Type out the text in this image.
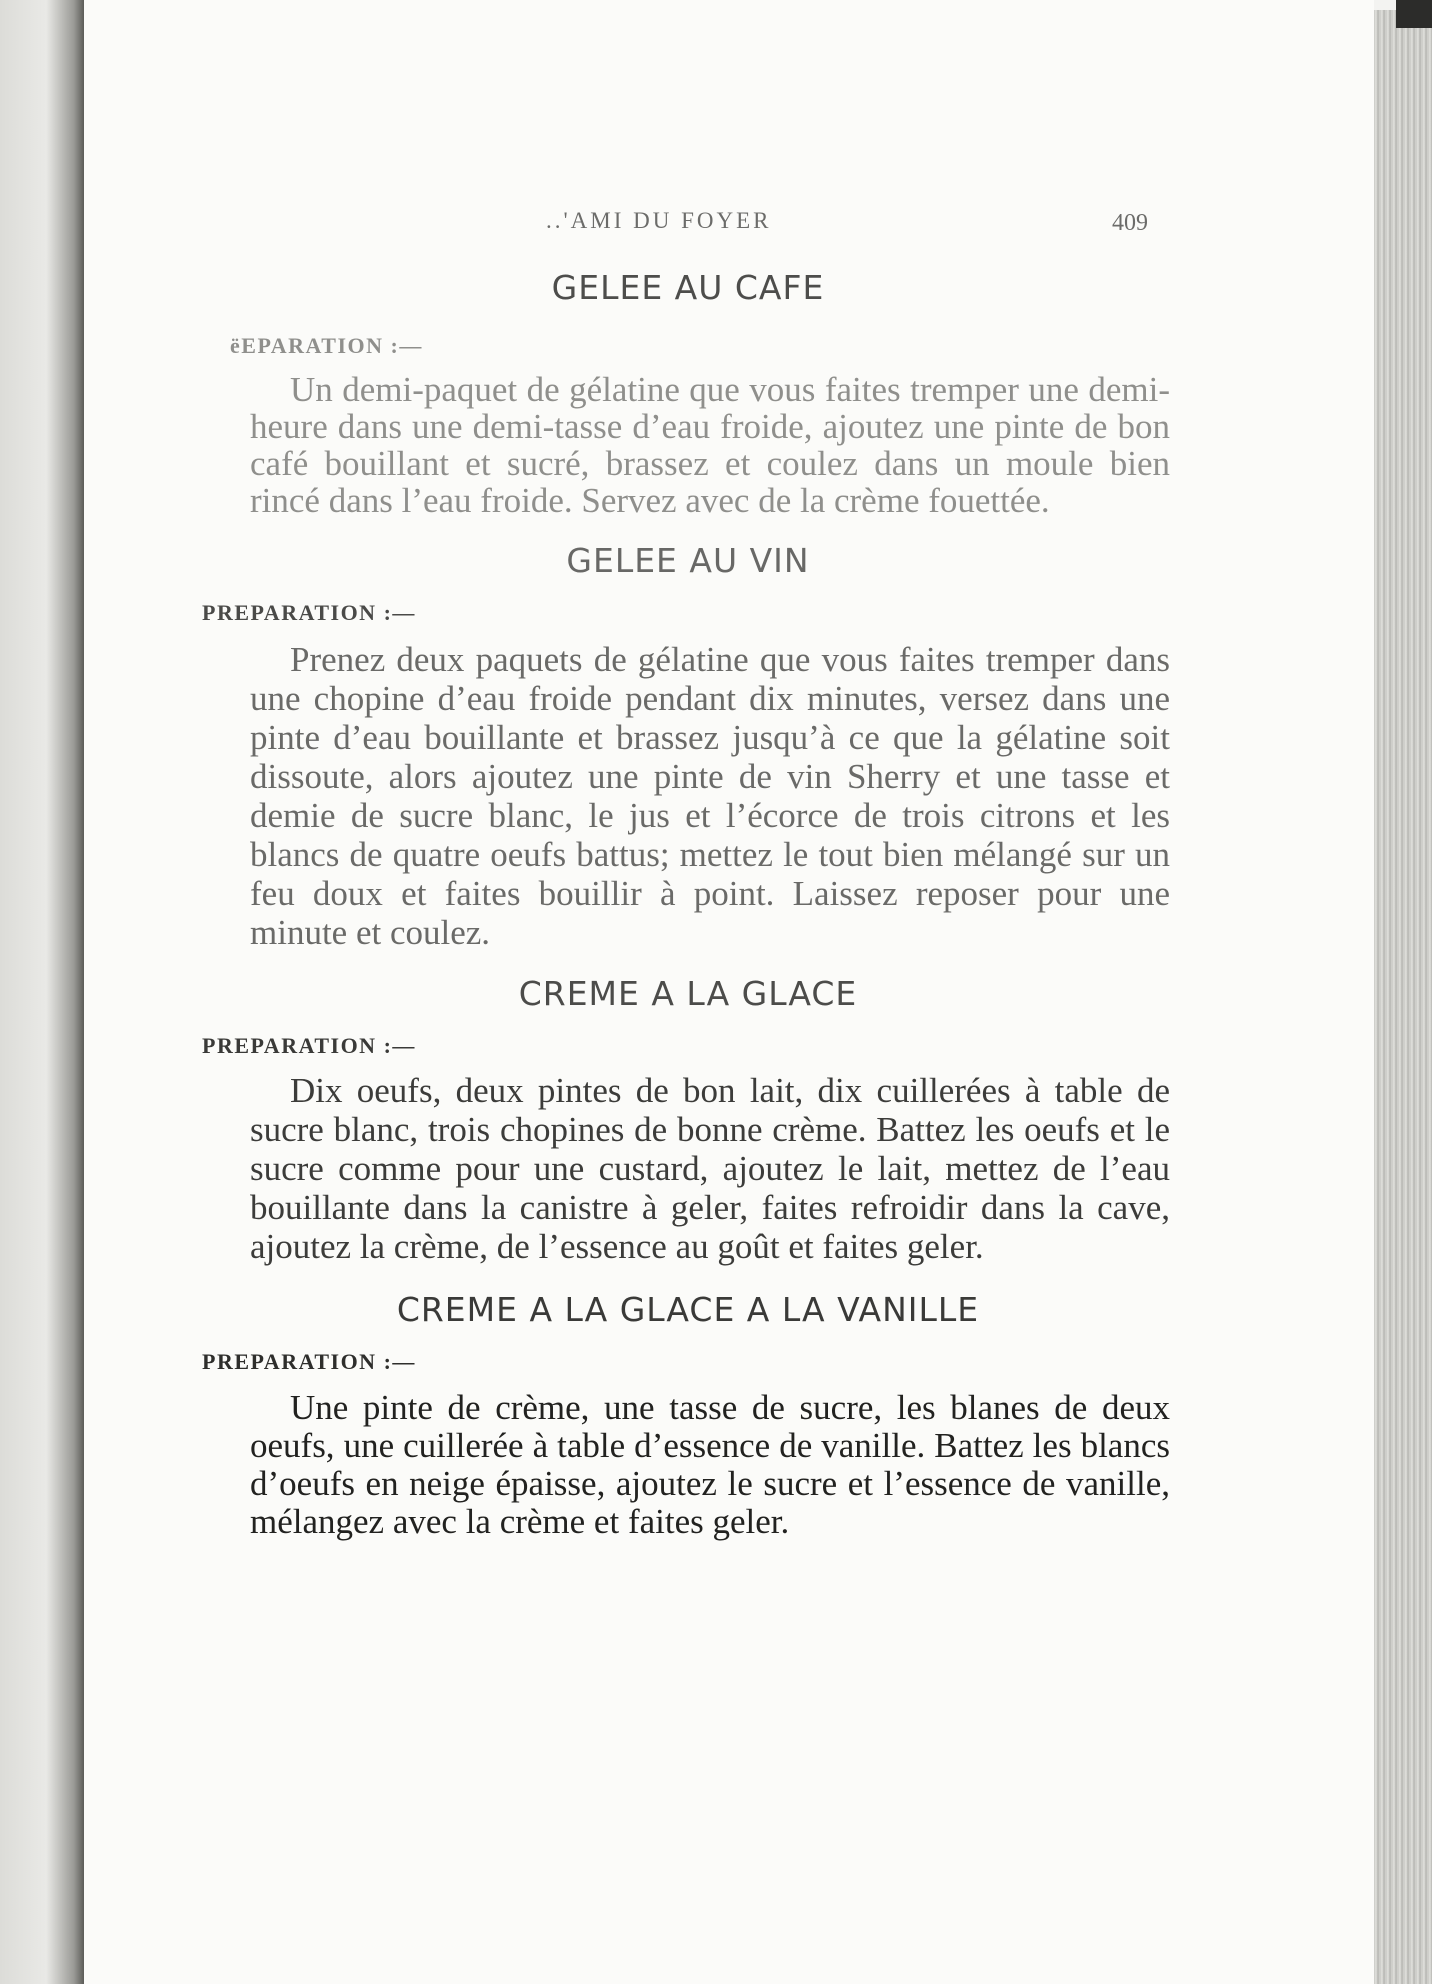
..'AMI DU FOYER	409
GELEE AU CAFE

ëEPARATION :—

Un demi-paquet de gélatine que vous faites tremper une demi-heure dans une demi-tasse d’eau froide, ajoutez une pinte de bon café bouillant et sucré, brassez et coulez dans un moule bien rincé dans l’eau froide. Servez avec de la crème fouettée.

GELEE AU VIN

PREPARATION :—

Prenez deux paquets de gélatine que vous faites tremper dans une chopine d’eau froide pendant dix minutes, versez dans une pinte d’eau bouillante et brassez jusqu’à ce que la gélatine soit dissoute, alors ajoutez une pinte de vin Sherry et une tasse et demie de sucre blanc, le jus et l’écorce de trois citrons et les blancs de quatre oeufs battus; mettez le tout bien mélangé sur un feu doux et faites bouillir à point. Laissez reposer pour une minute et coulez.

CREME A LA GLACE

PREPARATION :—

Dix oeufs, deux pintes de bon lait, dix cuillerées à table de sucre blanc, trois chopines de bonne crème. Battez les oeufs et le sucre comme pour une custard, ajoutez le lait, mettez de l’eau bouillante dans la canistre à geler, faites refroidir dans la cave, ajoutez la crème, de l’essence au goût et faites geler.

CREME A LA GLACE A LA VANILLE

PREPARATION :—

Une pinte de crème, une tasse de sucre, les blanes de deux oeufs, une cuillerée à table d’essence de vanille. Battez les blancs d’oeufs en neige épaisse, ajoutez le sucre et l’essence de vanille, mélangez avec la crème et faites geler.
